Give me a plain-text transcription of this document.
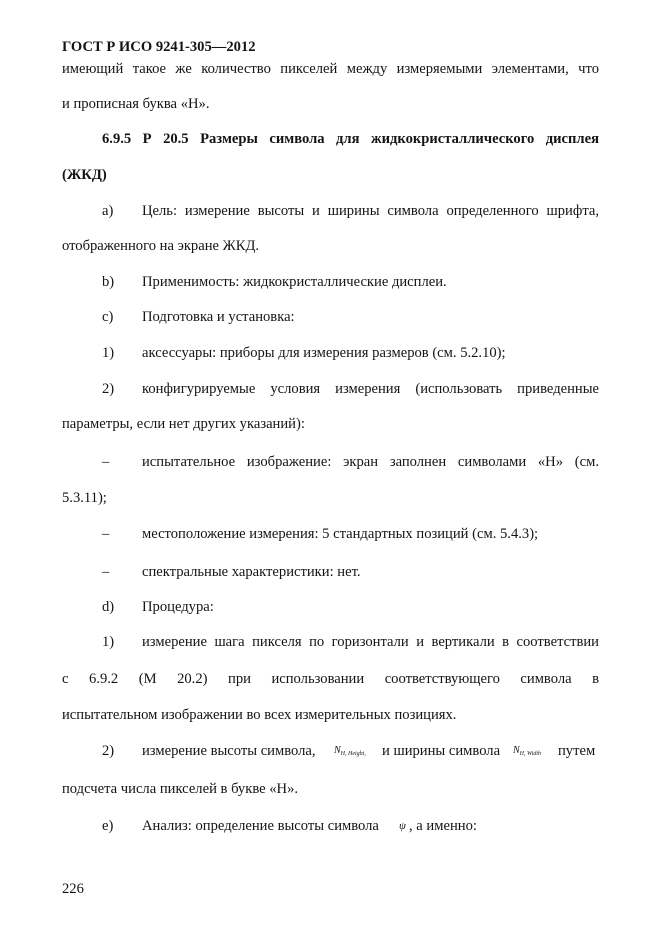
ГОСТ Р ИСО 9241-305—2012
имеющий такое же количество пикселей между измеряемыми элементами, что
и прописная буква «H».
6.9.5 Р 20.5 Размеры символа для жидкокристаллического дисплея
(ЖКД)
a) Цель: измерение высоты и ширины символа определенного шрифта,
отображенного на экране ЖКД.
b) Применимость: жидкокристаллические дисплеи.
c) Подготовка и установка:
1) аксессуары: приборы для измерения размеров (см. 5.2.10);
2) конфигурируемые условия измерения (использовать приведенные
параметры, если нет других указаний):
– испытательное изображение: экран заполнен символами «H» (см.
5.3.11);
– местоположение измерения: 5 стандартных позиций (см. 5.4.3);
– спектральные характеристики: нет.
d) Процедура:
1) измерение шага пикселя по горизонтали и вертикали в соответствии
с 6.9.2 (M 20.2) при использовании соответствующего символа в
испытательном изображении во всех измерительных позициях.
2) измерение высоты символа, $N_{H, Height,}$ и ширины символа $N_{H, Width}$ путем
подсчета числа пикселей в букве «H».
e) Анализ: определение высоты символа ψ , а именно:
226
